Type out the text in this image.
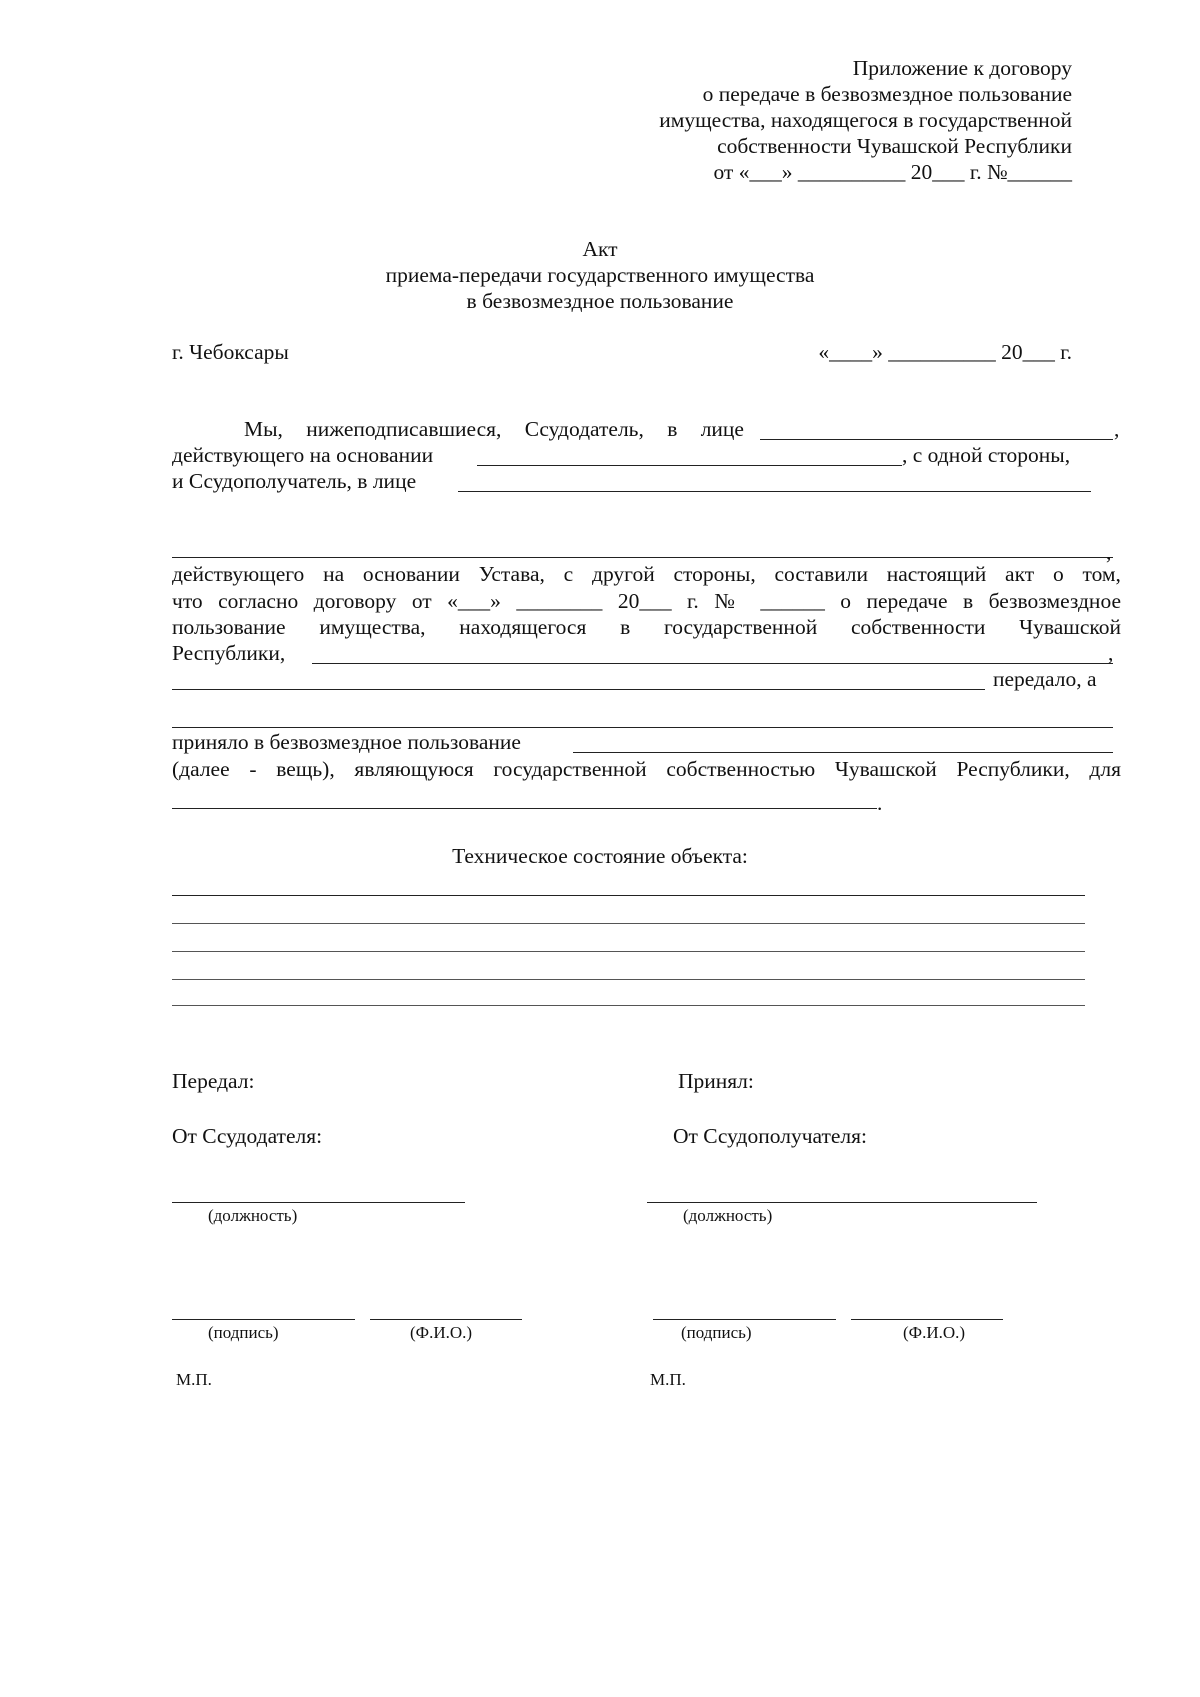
Приложение к договору
о передаче в безвозмездное пользование
имущества, находящегося в государственной
собственности Чувашской Республики
от «___» __________ 20___ г. №______
Акт
приема-передачи государственного имущества
в безвозмездное пользование
г. Чебоксары	«____» __________ 20___ г.
Мы, нижеподписавшиеся, Ссудодатель, в лице	,
действующего на основании	, с одной стороны,
и Ссудополучатель, в лице
,
действующего на основании Устава, с другой стороны, составили настоящий акт о том,
что согласно договору от «___» ________ 20___ г. № ______ о передаче в безвозмездное
пользование имущества, находящегося в государственной собственности Чувашской
Республики,	,
передало, а
приняло в безвозмездное пользование
(далее - вещь), являющуюся государственной собственностью Чувашской Республики, для
.
Техническое состояние объекта:
Передал:
От Ссудодателя:
(должность)
(подпись)	(Ф.И.О.)
М.П.
Принял:
От Ссудополучателя:
(должность)
(подпись)	(Ф.И.О.)
М.П.
